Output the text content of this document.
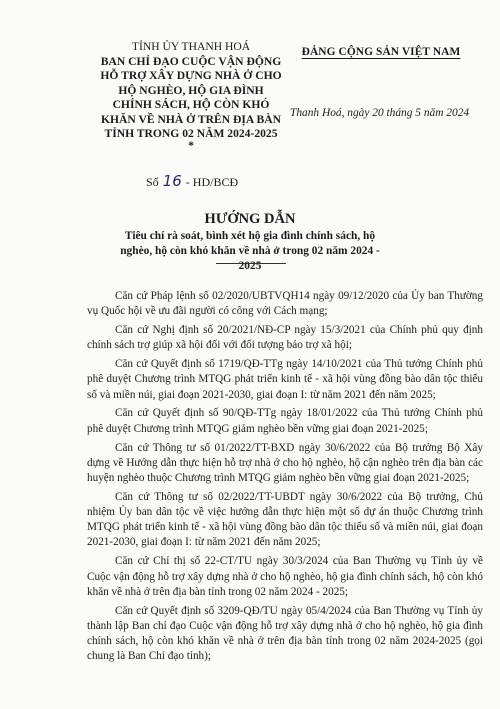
TỈNH ỦY THANH HOÁ
BAN CHỈ ĐẠO CUỘC VẬN ĐỘNG HỖ TRỢ XÂY DỰNG NHÀ Ở CHO HỘ NGHÈO, HỘ GIA ĐÌNH CHÍNH SÁCH, HỘ CÒN KHÓ KHĂN VỀ NHÀ Ở TRÊN ĐỊA BÀN TỈNH TRONG 02 NĂM 2024-2025
*
Số 16 - HD/BCĐ
ĐẢNG CỘNG SẢN VIỆT NAM
Thanh Hoá, ngày 20 tháng 5 năm 2024
HƯỚNG DẪN
Tiêu chí rà soát, bình xét hộ gia đình chính sách, hộ nghèo, hộ còn khó khăn về nhà ở trong 02 năm 2024 - 2025

Căn cứ Pháp lệnh số 02/2020/UBTVQH14 ngày 09/12/2020 của Ủy ban Thường vụ Quốc hội về ưu đãi người có công với Cách mạng;

Căn cứ Nghị định số 20/2021/NĐ-CP ngày 15/3/2021 của Chính phủ quy định chính sách trợ giúp xã hội đối với đối tượng bảo trợ xã hội;

Căn cứ Quyết định số 1719/QĐ-TTg ngày 14/10/2021 của Thủ tướng Chính phủ phê duyệt Chương trình MTQG phát triển kinh tế - xã hội vùng đồng bào dân tộc thiểu số và miền núi, giai đoạn 2021-2030, giai đoạn I: từ năm 2021 đến năm 2025;

Căn cứ Quyết định số 90/QĐ-TTg ngày 18/01/2022 của Thủ tướng Chính phủ phê duyệt Chương trình MTQG giảm nghèo bền vững giai đoạn 2021-2025;

Căn cứ Thông tư số 01/2022/TT-BXD ngày 30/6/2022 của Bộ trưởng Bộ Xây dựng về Hướng dẫn thực hiện hỗ trợ nhà ở cho hộ nghèo, hộ cận nghèo trên địa bàn các huyện nghèo thuộc Chương trình MTQG giảm nghèo bền vững giai đoạn 2021-2025;

Căn cứ Thông tư số 02/2022/TT-UBDT ngày 30/6/2022 của Bộ trưởng, Chủ nhiệm Ủy ban dân tộc về việc hướng dẫn thực hiện một số dự án thuộc Chương trình MTQG phát triển kinh tế - xã hội vùng đồng bào dân tộc thiểu số và miền núi, giai đoạn 2021-2030, giai đoạn I: từ năm 2021 đến năm 2025;

Căn cứ Chỉ thị số 22-CT/TU ngày 30/3/2024 của Ban Thường vụ Tỉnh ủy về Cuộc vận động hỗ trợ xây dựng nhà ở cho hộ nghèo, hộ gia đình chính sách, hộ còn khó khăn về nhà ở trên địa bàn tỉnh trong 02 năm 2024 - 2025;

Căn cứ Quyết định số 3209-QĐ/TU ngày 05/4/2024 của Ban Thường vụ Tỉnh ủy thành lập Ban chỉ đạo Cuộc vận động hỗ trợ xây dựng nhà ở cho hộ nghèo, hộ gia đình chính sách, hộ còn khó khăn về nhà ở trên địa bàn tỉnh trong 02 năm 2024-2025 (gọi chung là Ban Chỉ đạo tỉnh);
